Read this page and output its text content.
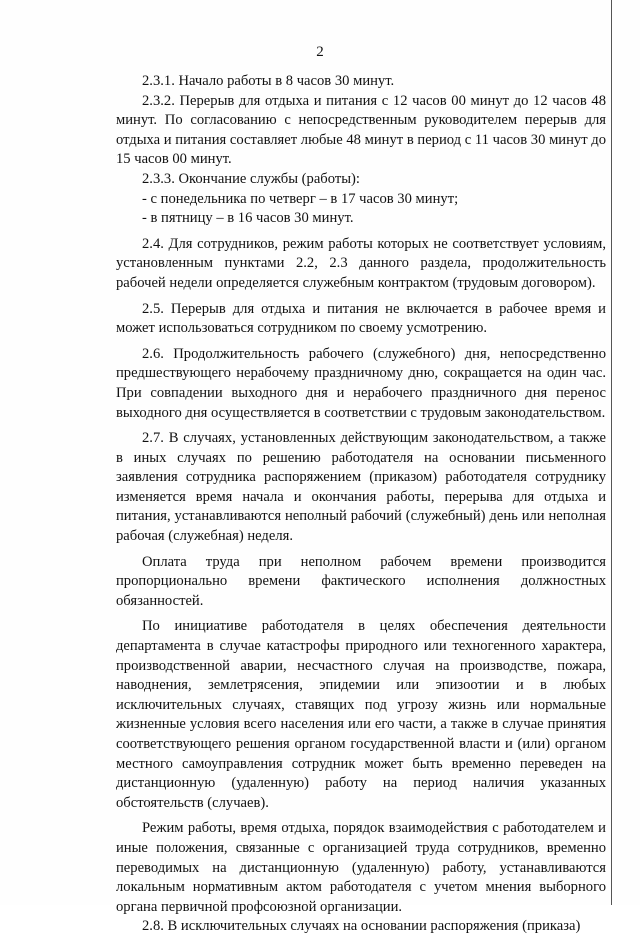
2

2.3.1. Начало работы в 8 часов 30 минут.

2.3.2. Перерыв для отдыха и питания с 12 часов 00 минут до 12 часов 48 минут. По согласованию с непосредственным руководителем перерыв для отдыха и питания составляет любые 48 минут в период с 11 часов 30 минут до 15 часов 00 минут.

2.3.3. Окончание службы (работы):

- с понедельника по четверг – в 17 часов 30 минут;

- в пятницу – в 16 часов 30 минут.

2.4. Для сотрудников, режим работы которых не соответствует условиям, установленным пунктами 2.2, 2.3 данного раздела, продолжительность рабочей недели определяется служебным контрактом (трудовым договором).

2.5. Перерыв для отдыха и питания не включается в рабочее время и может использоваться сотрудником по своему усмотрению.

2.6. Продолжительность рабочего (служебного) дня, непосредственно предшествующего нерабочему праздничному дню, сокращается на один час. При совпадении выходного дня и нерабочего праздничного дня перенос выходного дня осуществляется в соответствии с трудовым законодательством.

2.7. В случаях, установленных действующим законодательством, а также в иных случаях по решению работодателя на основании письменного заявления сотрудника распоряжением (приказом) работодателя сотруднику изменяется время начала и окончания работы, перерыва для отдыха и питания, устанавливаются неполный рабочий (служебный) день или неполная рабочая (служебная) неделя.

Оплата труда при неполном рабочем времени производится пропорционально времени фактического исполнения должностных обязанностей.

По инициативе работодателя в целях обеспечения деятельности департамента в случае катастрофы природного или техногенного характера, производственной аварии, несчастного случая на производстве, пожара, наводнения, землетрясения, эпидемии или эпизоотии и в любых исключительных случаях, ставящих под угрозу жизнь или нормальные жизненные условия всего населения или его части, а также в случае принятия соответствующего решения органом государственной власти и (или) органом местного самоуправления сотрудник может быть временно переведен на дистанционную (удаленную) работу на период наличия указанных обстоятельств (случаев).

Режим работы, время отдыха, порядок взаимодействия с работодателем и иные положения, связанные с организацией труда сотрудников, временно переводимых на дистанционную (удаленную) работу, устанавливаются локальным нормативным актом работодателя с учетом мнения выборного органа первичной профсоюзной организации.

2.8. В исключительных случаях на основании распоряжения (приказа)
